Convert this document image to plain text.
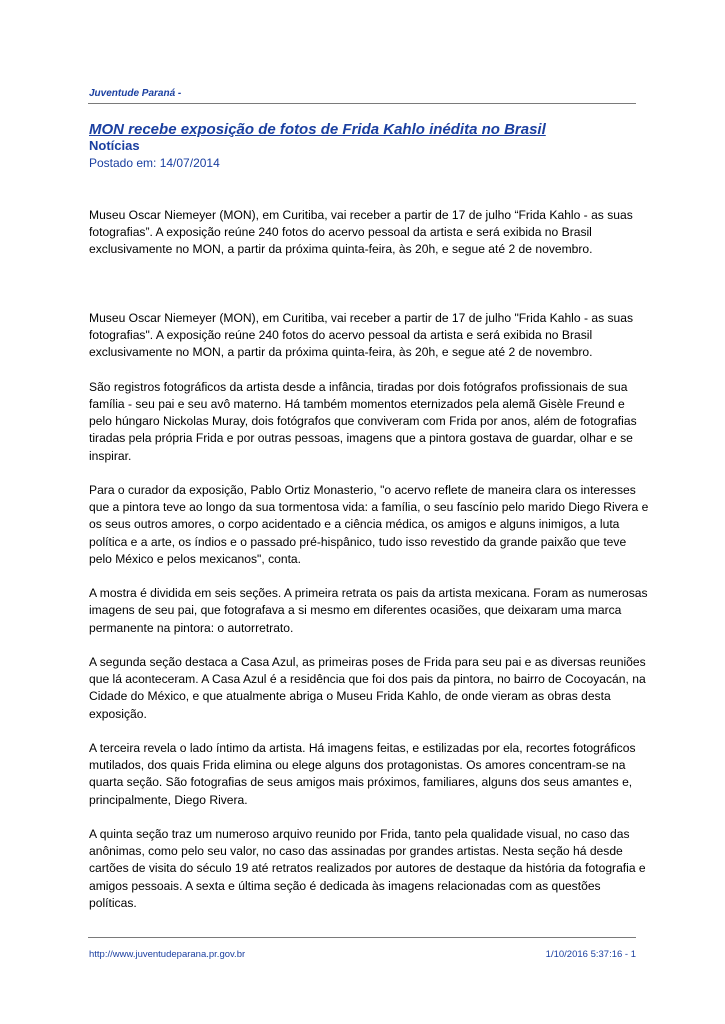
Juventude Paraná -
MON recebe exposição de fotos de Frida Kahlo inédita no Brasil
Notícias
Postado em: 14/07/2014

Museu Oscar Niemeyer (MON), em Curitiba, vai receber a partir de 17 de julho “Frida Kahlo - as suas fotografias”. A exposição reúne 240 fotos do acervo pessoal da artista e será exibida no Brasil exclusivamente no MON, a partir da próxima quinta-feira, às 20h, e segue até 2 de novembro.

Museu Oscar Niemeyer (MON), em Curitiba, vai receber a partir de 17 de julho "Frida Kahlo - as suas fotografias". A exposição reúne 240 fotos do acervo pessoal da artista e será exibida no Brasil exclusivamente no MON, a partir da próxima quinta-feira, às 20h, e segue até 2 de novembro.

São registros fotográficos da artista desde a infância, tiradas por dois fotógrafos profissionais de sua família - seu pai e seu avô materno. Há também momentos eternizados pela alemã Gisèle Freund e pelo húngaro Nickolas Muray, dois fotógrafos que conviveram com Frida por anos, além de fotografias tiradas pela própria Frida e por outras pessoas, imagens que a pintora gostava de guardar, olhar e se inspirar.

Para o curador da exposição, Pablo Ortiz Monasterio, "o acervo reflete de maneira clara os interesses que a pintora teve ao longo da sua tormentosa vida: a família, o seu fascínio pelo marido Diego Rivera e os seus outros amores, o corpo acidentado e a ciência médica, os amigos e alguns inimigos, a luta política e a arte, os índios e o passado pré-hispânico, tudo isso revestido da grande paixão que teve pelo México e pelos mexicanos", conta.

A mostra é dividida em seis seções. A primeira retrata os pais da artista mexicana. Foram as numerosas imagens de seu pai, que fotografava a si mesmo em diferentes ocasiões, que deixaram uma marca permanente na pintora: o autorretrato.

A segunda seção destaca a Casa Azul, as primeiras poses de Frida para seu pai e as diversas reuniões que lá aconteceram. A Casa Azul é a residência que foi dos pais da pintora, no bairro de Cocoyacán, na Cidade do México, e que atualmente abriga o Museu Frida Kahlo, de onde vieram as obras desta exposição.

A terceira revela o lado íntimo da artista. Há imagens feitas, e estilizadas por ela, recortes fotográficos mutilados, dos quais Frida elimina ou elege alguns dos protagonistas. Os amores concentram-se na quarta seção. São fotografias de seus amigos mais próximos, familiares, alguns dos seus amantes e, principalmente, Diego Rivera.

A quinta seção traz um numeroso arquivo reunido por Frida, tanto pela qualidade visual, no caso das anônimas, como pelo seu valor, no caso das assinadas por grandes artistas. Nesta seção há desde cartões de visita do século 19 até retratos realizados por autores de destaque da história da fotografia e amigos pessoais. A sexta e última seção é dedicada às imagens relacionadas com as questões políticas.

http://www.juventudeparana.pr.gov.br	1/10/2016 5:37:16 - 1
